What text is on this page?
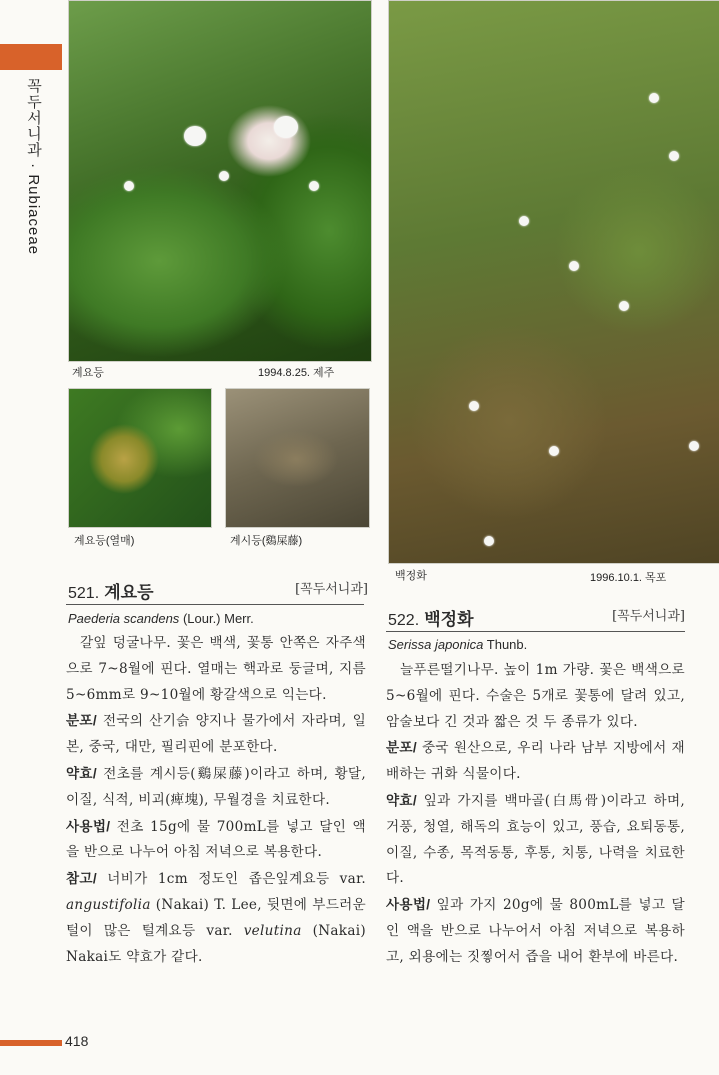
꼭두서니과 · Rubiaceae
계요등	1994.8.25. 제주
계요등(열매)	계시등(鷄屎藤)
백정화	1996.10.1. 목포
521. 계요등	[꼭두서니과]
Paederia scandens (Lour.) Merr.

갈잎 덩굴나무. 꽃은 백색, 꽃통 안쪽은 자주색으로 7~8월에 핀다. 열매는 핵과로 둥글며, 지름 5~6mm로 9~10월에 황갈색으로 익는다.

분포/ 전국의 산기슭 양지나 물가에서 자라며, 일본, 중국, 대만, 필리핀에 분포한다.

약효/ 전초를 계시등(鷄屎藤)이라고 하며, 황달, 이질, 식적, 비괴(痺塊), 무월경을 치료한다.

사용법/ 전초 15g에 물 700mL를 넣고 달인 액을 반으로 나누어 아침 저녁으로 복용한다.

참고/ 너비가 1cm 정도인 좁은잎계요등 var. angustifolia (Nakai) T. Lee, 뒷면에 부드러운 털이 많은 털계요등 var. velutina (Nakai) Nakai도 약효가 같다.

522. 백정화	[꼭두서니과]
Serissa japonica Thunb.

늘푸른떨기나무. 높이 1m 가량. 꽃은 백색으로 5~6월에 핀다. 수술은 5개로 꽃통에 달려 있고, 암술보다 긴 것과 짧은 것 두 종류가 있다.

분포/ 중국 원산으로, 우리 나라 남부 지방에서 재배하는 귀화 식물이다.

약효/ 잎과 가지를 백마골(白馬骨)이라고 하며, 거풍, 청열, 해독의 효능이 있고, 풍습, 요퇴동통, 이질, 수종, 목적동통, 후통, 치통, 나력을 치료한다.

사용법/ 잎과 가지 20g에 물 800mL를 넣고 달인 액을 반으로 나누어서 아침 저녁으로 복용하고, 외용에는 짓찧어서 즙을 내어 환부에 바른다.

418
